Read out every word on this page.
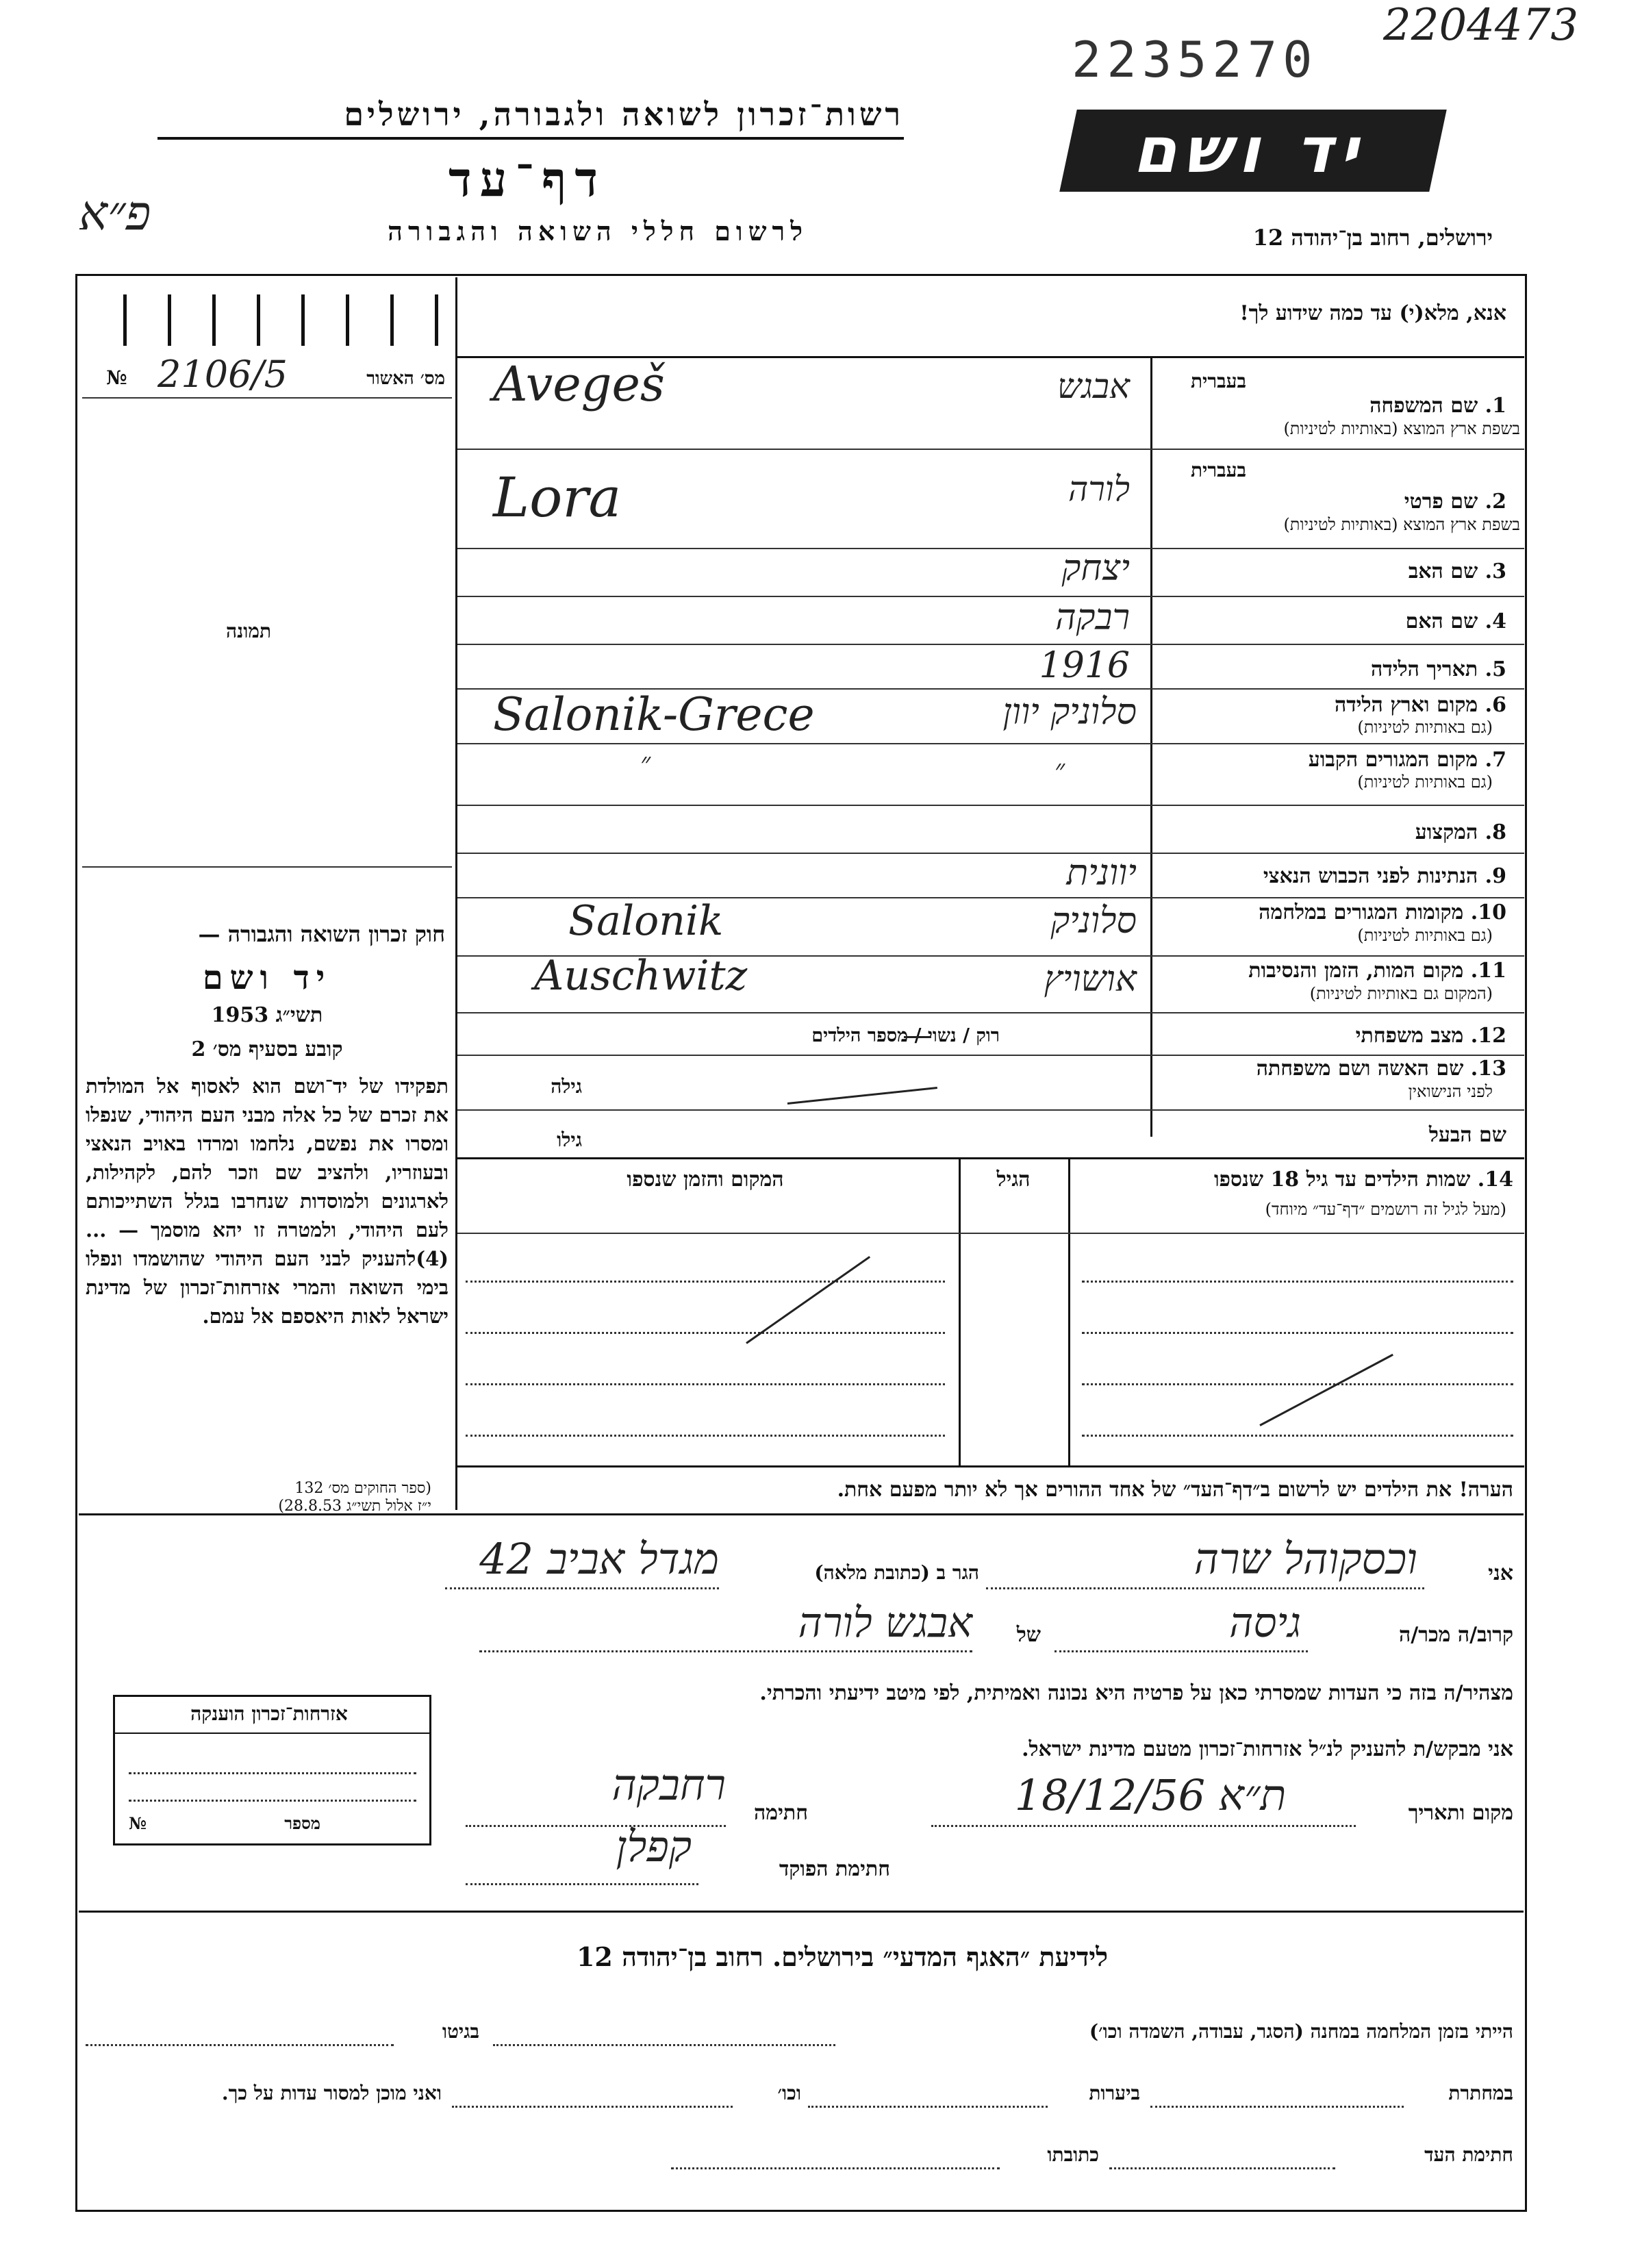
2235270
2204473
רשות־זכרון לשואה ולגבורה, ירושלים	יד ושם
דף־עד
פ״א	לרשום חללי השואה והגבורה	ירושלים, רחוב בן־יהודה 12
№ 2106/5	מס׳ האשור
תמונה
חוק זכרון השואה והגבורה —
יד ושם
תשי״ג 1953
קובע בסעיף מס׳ 2
תפקידו של יד־ושם הוא לאסוף אל המולדת את זכרם של כל אלה מבני העם היהודי, שנפלו ומסרו את נפשם, נלחמו ומרדו באויב הנאצי ובעוזריו, ולהציב שם וזכר להם, לקהילות, לארגונים ולמוסדות שנחרבו בגלל השתייכותם לעם היהודי, ולמטרה זו יהא מוסמך — ...(4)להעניק לבני העם היהודי שהושמדו ונפלו בימי השואה והמרי אזרחות־זכרון של מדינת ישראל לאות היאספם אל עמם.
(ספר החוקים מס׳ 132
י״ז אלול תשי״ג 28.8.53)
אנא, מלא(י) עד כמה שידוע לך!
בעברית
1. שם המשפחה
בשפת ארץ המוצא (באותיות לטיניות)
Avegeš	אבגש
בעברית
2. שם פרטי
בשפת ארץ המוצא (באותיות לטיניות)
Lora	לורה
3. שם האב
יצחק
4. שם האם
רבקה
5. תאריך הלידה
1916
6. מקום וארץ הלידה
(גם באותיות לטיניות)
Salonik-Grece	סלוניק יוון
7. מקום המגורים הקבוע
(גם באותיות לטיניות)
״	״
8. המקצוע
9. הנתינות לפני הכבוש הנאצי
יוונית
10. מקומות המגורים במלחמה
(גם באותיות לטיניות)
Salonik	סלוניק
11. מקום המות, הזמן והנסיבות
(המקום גם באותיות לטיניות)
Auschwitz	אושויץ
12. מצב משפחתי
רוק / נשוי / מספר הילדים
13. שם האשה ושם משפחתה
לפני הנישואין
גילה
שם הבעל
גילו
14. שמות הילדים עד גיל 18 שנספו
(מעל לגיל זה רושמים ״דף־עד״ מיוחד)
הגיל
המקום והזמן שנספו
הערה! את הילדים יש לרשום ב״דף־העד״ של אחד ההורים אך לא יותר מפעם אחת.
אני
וכסקוהל שרה
הגר ב (כתובת מלאה)
מגדל אביב 42
קרוב/ה מכר/ה
גיסה
של
אבגש לורה
מצהיר/ה בזה כי העדות שמסרתי כאן על פרטיה היא נכונה ואמיתית, לפי מיטב ידיעתי והכרתי.
אני מבקש/ת להעניק לנ״ל אזרחות־זכרון מטעם מדינת ישראל.
מקום ותאריך
ת״א 18/12/56
חתימה
רחבקה
חתימת הפוקד
קפלן
אזרחות־זכרון הוענקה
מספר
№
לידיעת ״האגף המדעי״ בירושלים. רחוב בן־יהודה 12
הייתי בזמן המלחמה במחנה (הסגר, עבודה, השמדה וכו׳)
בגיטו
במחתרת
ביערות
וכו׳
ואני מוכן למסור עדות על כך.
חתימת העד
כתובתו
